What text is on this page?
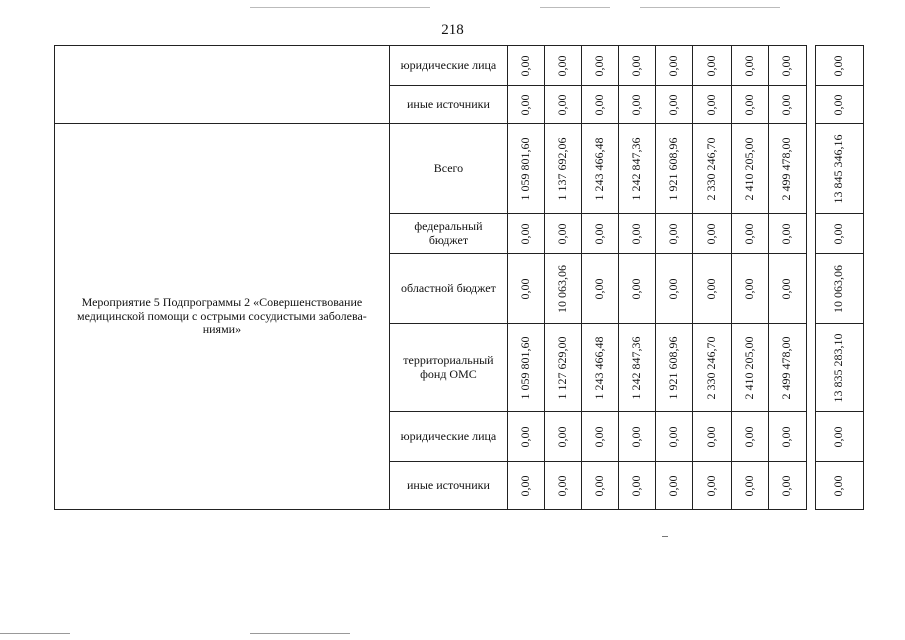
218
	юридические лица	0,00	0,00	0,00	0,00	0,00	0,00	0,00	0,00		0,00

	иные источники	0,00	0,00	0,00	0,00	0,00	0,00	0,00	0,00		0,00

Мероприятие 5 Подпрограммы 2 «Совершенствование медицинской помощи с острыми сосудистыми заболева-ниями»	Всего	1 059 801,60	1 137 692,06	1 243 466,48	1 242 847,36	1 921 608,96	2 330 246,70	2 410 205,00	2 499 478,00		13 845 346,16

	федеральный бюджет	0,00	0,00	0,00	0,00	0,00	0,00	0,00	0,00		0,00

	областной бюджет	0,00	10 063,06	0,00	0,00	0,00	0,00	0,00	0,00		10 063,06

	территориальный фонд ОМС	1 059 801,60	1 127 629,00	1 243 466,48	1 242 847,36	1 921 608,96	2 330 246,70	2 410 205,00	2 499 478,00		13 835 283,10

	юридические лица	0,00	0,00	0,00	0,00	0,00	0,00	0,00	0,00		0,00

	иные источники	0,00	0,00	0,00	0,00	0,00	0,00	0,00	0,00		0,00
